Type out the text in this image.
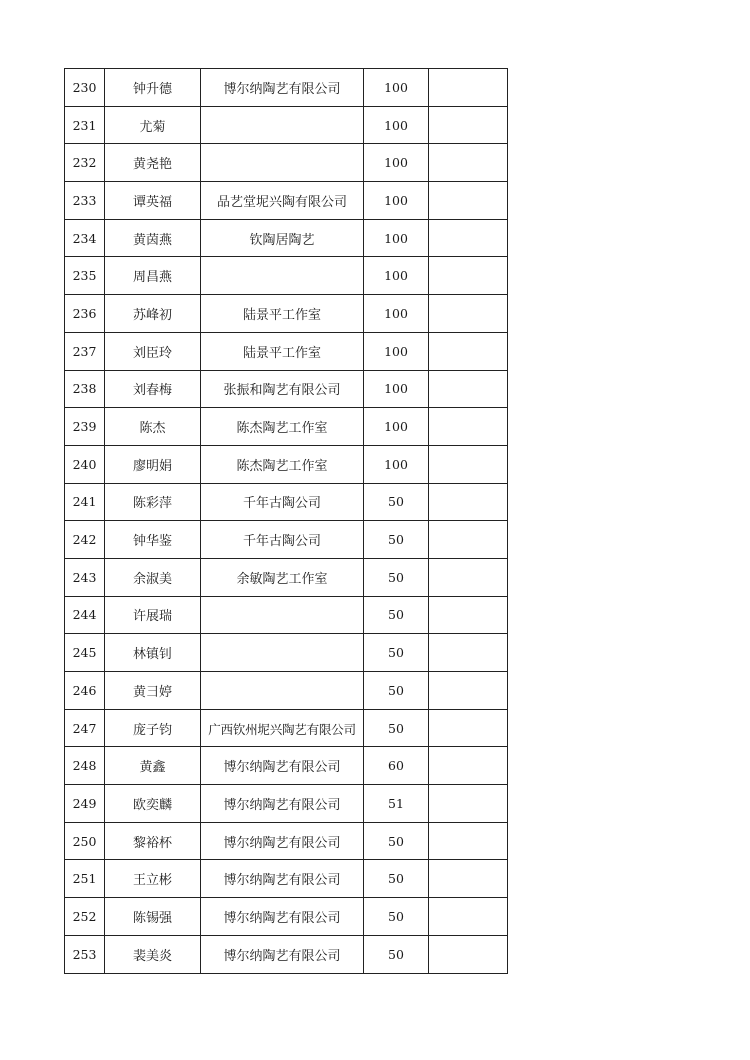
230	钟升德	博尔纳陶艺有限公司	100	
231	尤菊		100	
232	黄尧艳		100	
233	谭英福	品艺堂坭兴陶有限公司	100	
234	黄茵燕	钦陶居陶艺	100	
235	周昌燕		100	
236	苏峰初	陆景平工作室	100	
237	刘臣玲	陆景平工作室	100	
238	刘春梅	张振和陶艺有限公司	100	
239	陈杰	陈杰陶艺工作室	100	
240	廖明娟	陈杰陶艺工作室	100	
241	陈彩萍	千年古陶公司	50	
242	钟华鉴	千年古陶公司	50	
243	余淑美	余敏陶艺工作室	50	
244	许展瑞		50	
245	林镇钊		50	
246	黄彐婷		50	
247	庞子钧	广西钦州坭兴陶艺有限公司	50	
248	黄鑫	博尔纳陶艺有限公司	60	
249	欧奕麟	博尔纳陶艺有限公司	51	
250	黎裕杯	博尔纳陶艺有限公司	50	
251	王立彬	博尔纳陶艺有限公司	50	
252	陈锡强	博尔纳陶艺有限公司	50	
253	裴美炎	博尔纳陶艺有限公司	50	
